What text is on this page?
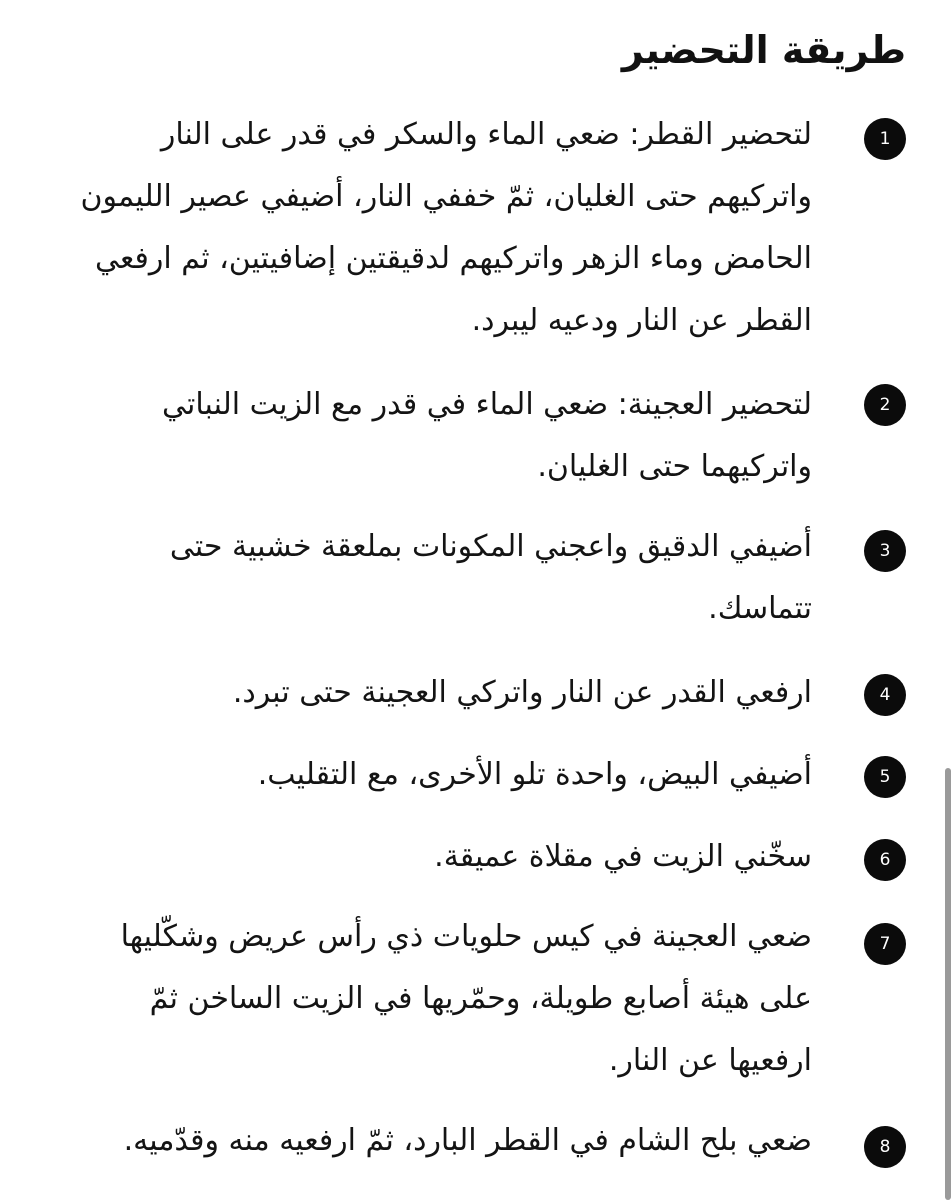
طريقة التحضير
1

لتحضير القطر: ضعي الماء والسكر في قدر على النار واتركيهم حتى الغليان، ثمّ خففي النار، أضيفي عصير الليمون الحامض وماء الزهر واتركيهم لدقيقتين إضافيتين، ثم ارفعي القطر عن النار ودعيه ليبرد.

2

لتحضير العجينة: ضعي الماء في قدر مع الزيت النباتي واتركيهما حتى الغليان.

3

أضيفي الدقيق واعجني المكونات بملعقة خشبية حتى تتماسك.

4

ارفعي القدر عن النار واتركي العجينة حتى تبرد.

5

أضيفي البيض، واحدة تلو الأخرى، مع التقليب.

6

سخّني الزيت في مقلاة عميقة.

7

ضعي العجينة في كيس حلويات ذي رأس عريض وشكّليها على هيئة أصابع طويلة، وحمّريها في الزيت الساخن ثمّ ارفعيها عن النار.

8

ضعي بلح الشام في القطر البارد، ثمّ ارفعيه منه وقدّميه.
